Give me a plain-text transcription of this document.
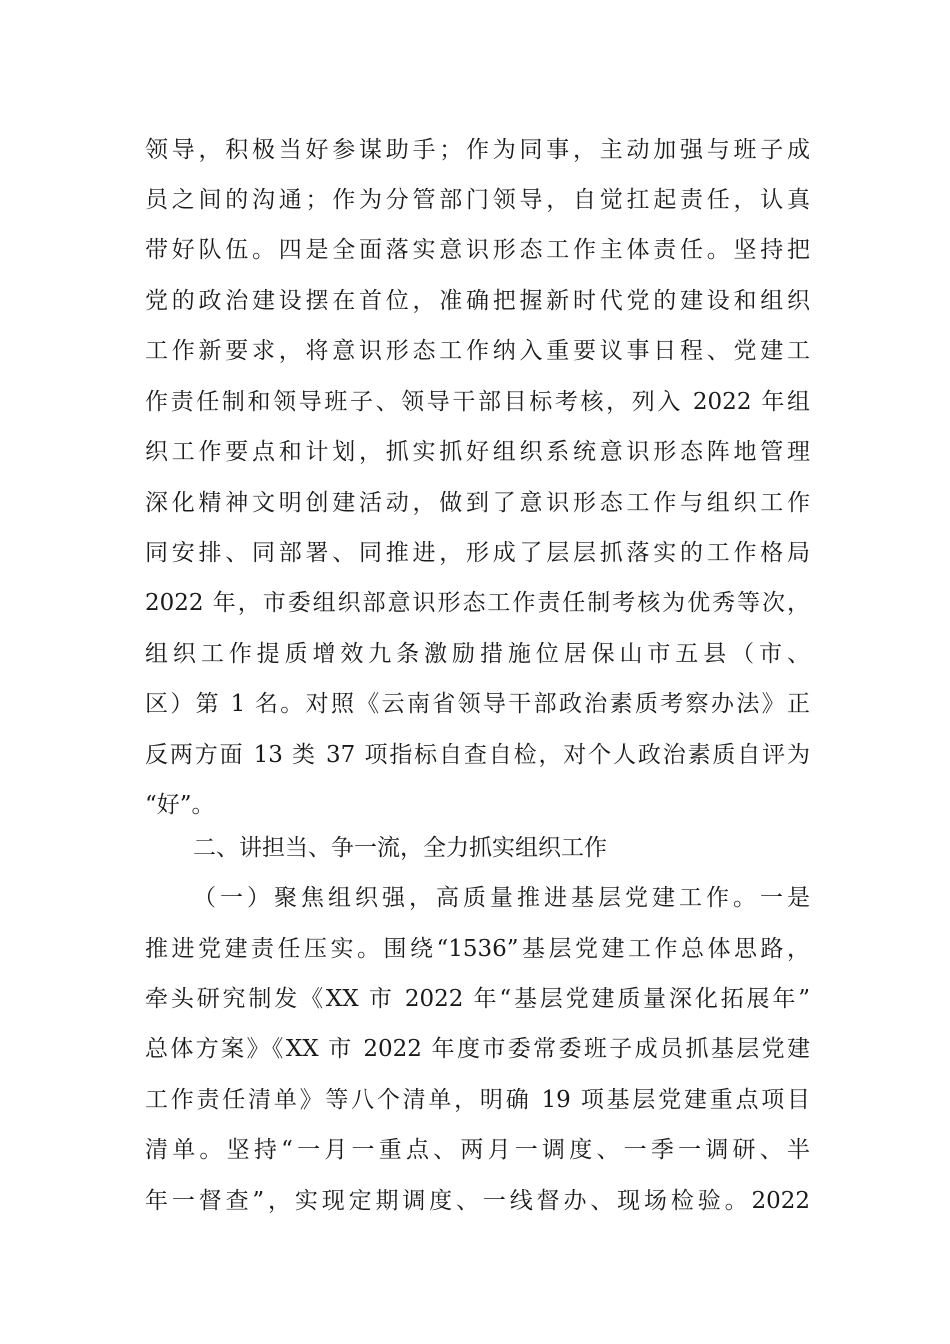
领导，积极当好参谋助手；作为同事，主动加强与班子成
员之间的沟通；作为分管部门领导，自觉扛起责任，认真
带好队伍。四是全面落实意识形态工作主体责任。坚持把
党的政治建设摆在首位，准确把握新时代党的建设和组织
工作新要求，将意识形态工作纳入重要议事日程、党建工
作责任制和领导班子、领导干部目标考核，列入 2022 年组
织工作要点和计划，抓实抓好组织系统意识形态阵地管理
深化精神文明创建活动，做到了意识形态工作与组织工作
同安排、同部署、同推进，形成了层层抓落实的工作格局
2022 年，市委组织部意识形态工作责任制考核为优秀等次，
组织工作提质增效九条激励措施位居保山市五县（市、
区）第 1 名。对照《云南省领导干部政治素质考察办法》正
反两方面 13 类 37 项指标自查自检，对个人政治素质自评为
“好”。
二、讲担当、争一流，全力抓实组织工作
（一）聚焦组织强，高质量推进基层党建工作。一是
推进党建责任压实。围绕“1536”基层党建工作总体思路，
牵头研究制发《XX 市 2022 年“基层党建质量深化拓展年”
总体方案》《XX 市 2022 年度市委常委班子成员抓基层党建
工作责任清单》等八个清单，明确 19 项基层党建重点项目
清单。坚持“一月一重点、两月一调度、一季一调研、半
年一督查”，实现定期调度、一线督办、现场检验。2022
